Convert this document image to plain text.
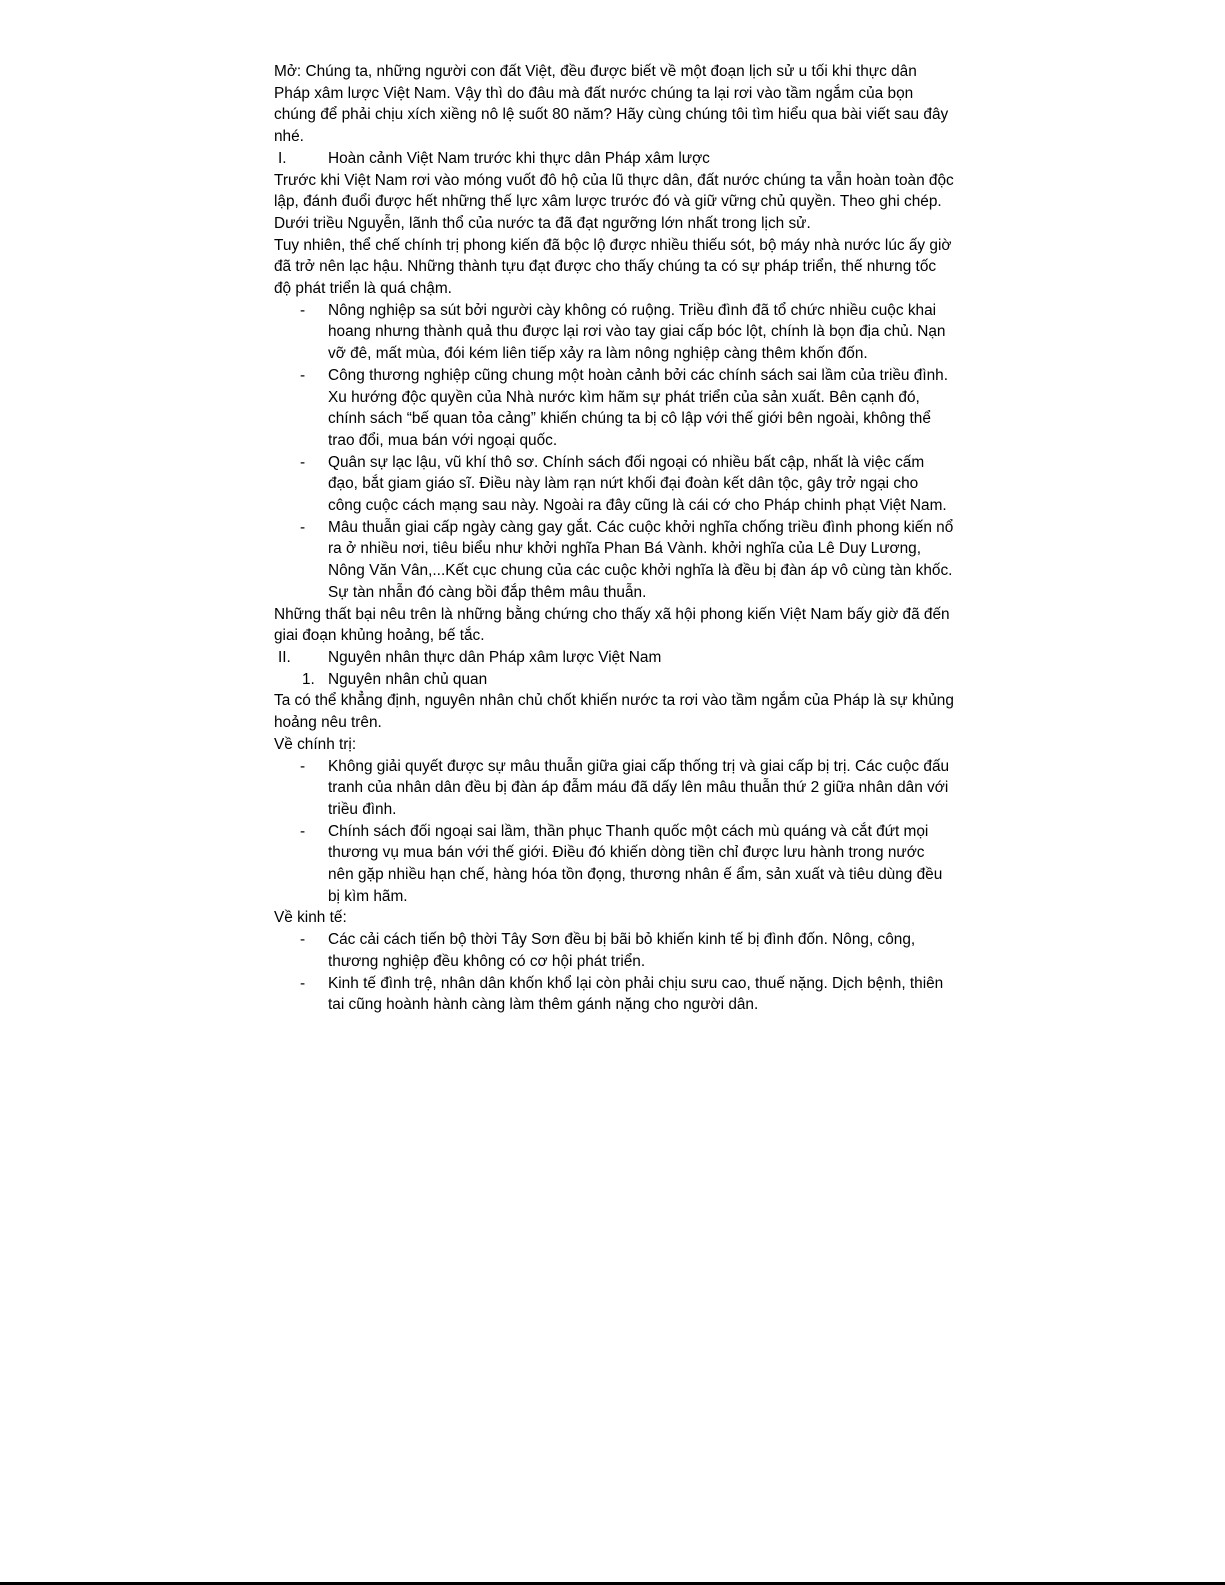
Mở: Chúng ta, những người con đất Việt, đều được biết về một đoạn lịch sử u tối khi thực dân Pháp xâm lược Việt Nam. Vậy thì do đâu mà đất nước chúng ta lại rơi vào tầm ngắm của bọn chúng để phải chịu xích xiềng nô lệ suốt 80 năm? Hãy cùng chúng tôi tìm hiểu qua bài viết sau đây nhé.

I.	Hoàn cảnh Việt Nam trước khi thực dân Pháp xâm lược

Trước khi Việt Nam rơi vào móng vuốt đô hộ của lũ thực dân, đất nước chúng ta vẫn hoàn toàn độc lập, đánh đuổi được hết những thế lực xâm lược trước đó và giữ vững chủ quyền. Theo ghi chép. Dưới triều Nguyễn, lãnh thổ của nước ta đã đạt ngưỡng lớn nhất trong lịch sử.

Tuy nhiên, thể chế chính trị phong kiến đã bộc lộ được nhiều thiếu sót, bộ máy nhà nước lúc ấy giờ đã trở nên lạc hậu. Những thành tựu đạt được cho thấy chúng ta có sự pháp triển, thế nhưng tốc độ phát triển là quá chậm.

- Nông nghiệp sa sút bởi người cày không có ruộng. Triều đình đã tổ chức nhiều cuộc khai hoang nhưng thành quả thu được lại rơi vào tay giai cấp bóc lột, chính là bọn địa chủ. Nạn vỡ đê, mất mùa, đói kém liên tiếp xảy ra làm nông nghiệp càng thêm khốn đốn.
- Công thương nghiệp cũng chung một hoàn cảnh bởi các chính sách sai lầm của triều đình. Xu hướng độc quyền của Nhà nước kìm hãm sự phát triển của sản xuất. Bên cạnh đó, chính sách “bế quan tỏa cảng” khiến chúng ta bị cô lập với thế giới bên ngoài, không thể trao đổi, mua bán với ngoại quốc.
- Quân sự lạc lậu, vũ khí thô sơ. Chính sách đối ngoại có nhiều bất cập, nhất là việc cấm đạo, bắt giam giáo sĩ. Điều này làm rạn nứt khối đại đoàn kết dân tộc, gây trở ngại cho công cuộc cách mạng sau này. Ngoài ra đây cũng là cái cớ cho Pháp chinh phạt Việt Nam.
- Mâu thuẫn giai cấp ngày càng gay gắt. Các cuộc khởi nghĩa chống triều đình phong kiến nổ ra ở nhiều nơi, tiêu biểu như khởi nghĩa Phan Bá Vành. khởi nghĩa của Lê Duy Lương, Nông Văn Vân,...Kết cục chung của các cuộc khởi nghĩa là đều bị đàn áp vô cùng tàn khốc. Sự tàn nhẫn đó càng bồi đắp thêm mâu thuẫn.

Những thất bại nêu trên là những bằng chứng cho thấy xã hội phong kiến Việt Nam bấy giờ đã đến giai đoạn khủng hoảng, bế tắc.

II. Nguyên nhân thực dân Pháp xâm lược Việt Nam
1. Nguyên nhân chủ quan

Ta có thể khẳng định, nguyên nhân chủ chốt khiến nước ta rơi vào tầm ngắm của Pháp là sự khủng hoảng nêu trên.

Về chính trị:

- Không giải quyết được sự mâu thuẫn giữa giai cấp thống trị và giai cấp bị trị. Các cuộc đấu tranh của nhân dân đều bị đàn áp đẫm máu đã dấy lên mâu thuẫn thứ 2 giữa nhân dân với triều đình.
- Chính sách đối ngoại sai lầm, thần phục Thanh quốc một cách mù quáng và cắt đứt mọi thương vụ mua bán với thế giới. Điều đó khiến dòng tiền chỉ được lưu hành trong nước nên gặp nhiều hạn chế, hàng hóa tồn đọng, thương nhân ế ẩm, sản xuất và tiêu dùng đều bị kìm hãm.

Về kinh tế:

- Các cải cách tiến bộ thời Tây Sơn đều bị bãi bỏ khiến kinh tế bị đình đốn. Nông, công, thương nghiệp đều không có cơ hội phát triển.
- Kinh tế đình trệ, nhân dân khốn khổ lại còn phải chịu sưu cao, thuế nặng. Dịch bệnh, thiên tai cũng hoành hành càng làm thêm gánh nặng cho người dân.
